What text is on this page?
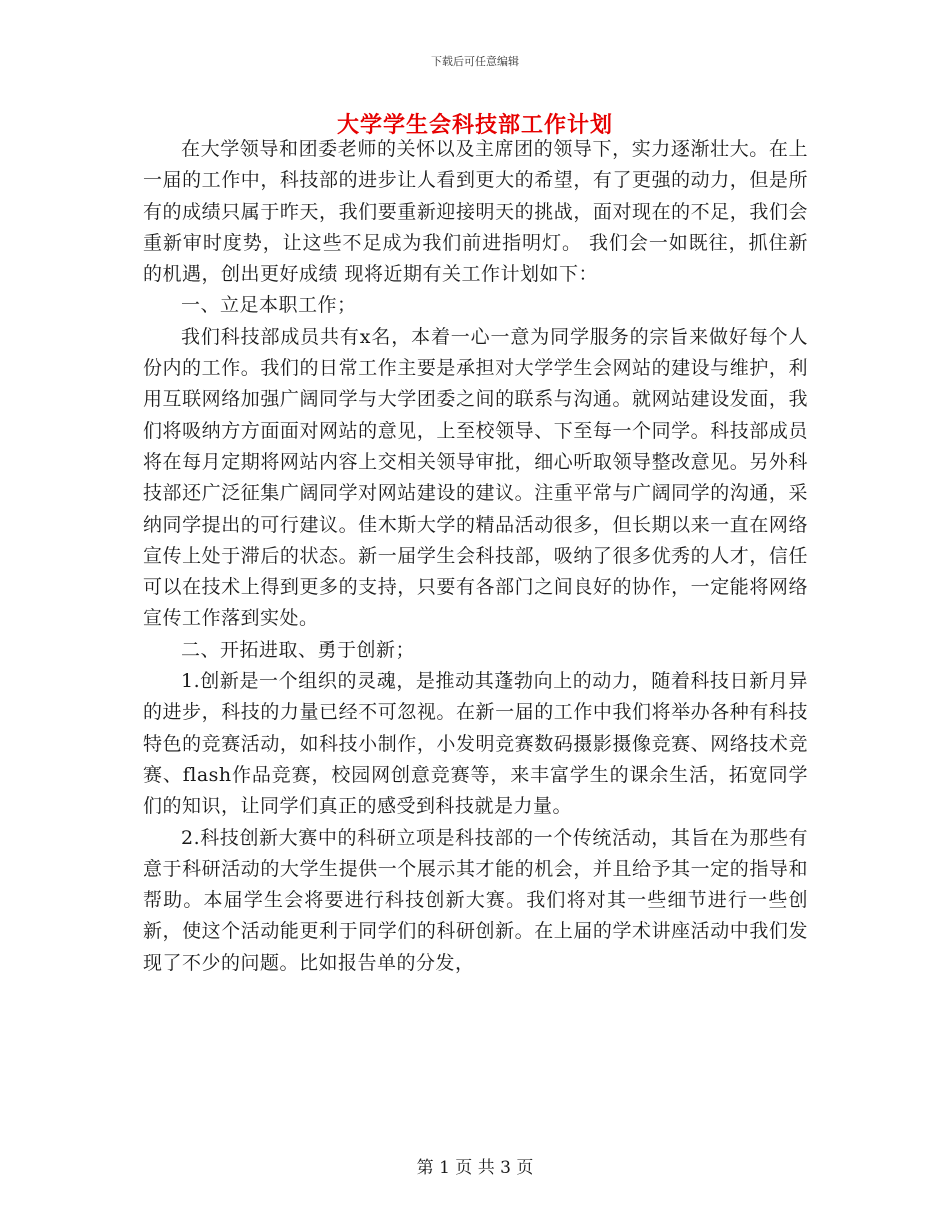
下载后可任意编辑
大学学生会科技部工作计划

在大学领导和团委老师的关怀以及主席团的领导下，实力逐渐壮大。在上一届的工作中，科技部的进步让人看到更大的希望，有了更强的动力，但是所有的成绩只属于昨天，我们要重新迎接明天的挑战，面对现在的不足，我们会重新审时度势，让这些不足成为我们前进指明灯。 我们会一如既往，抓住新的机遇，创出更好成绩 现将近期有关工作计划如下：

一、立足本职工作；

我们科技部成员共有x名，本着一心一意为同学服务的宗旨来做好每个人份内的工作。我们的日常工作主要是承担对大学学生会网站的建设与维护，利用互联网络加强广阔同学与大学团委之间的联系与沟通。就网站建设发面，我们将吸纳方方面面对网站的意见，上至校领导、下至每一个同学。科技部成员将在每月定期将网站内容上交相关领导审批，细心听取领导整改意见。另外科技部还广泛征集广阔同学对网站建设的建议。注重平常与广阔同学的沟通，采纳同学提出的可行建议。佳木斯大学的精品活动很多，但长期以来一直在网络宣传上处于滞后的状态。新一届学生会科技部，吸纳了很多优秀的人才，信任可以在技术上得到更多的支持，只要有各部门之间良好的协作，一定能将网络宣传工作落到实处。

二、开拓进取、勇于创新；

1.创新是一个组织的灵魂，是推动其蓬勃向上的动力，随着科技日新月异的进步，科技的力量已经不可忽视。在新一届的工作中我们将举办各种有科技特色的竞赛活动，如科技小制作，小发明竞赛数码摄影摄像竞赛、网络技术竞赛、flash作品竞赛，校园网创意竞赛等，来丰富学生的课余生活，拓宽同学们的知识，让同学们真正的感受到科技就是力量。

2.科技创新大赛中的科研立项是科技部的一个传统活动，其旨在为那些有意于科研活动的大学生提供一个展示其才能的机会，并且给予其一定的指导和帮助。本届学生会将要进行科技创新大赛。我们将对其一些细节进行一些创新，使这个活动能更利于同学们的科研创新。在上届的学术讲座活动中我们发现了不少的问题。比如报告单的分发，

第 1 页 共 3 页
